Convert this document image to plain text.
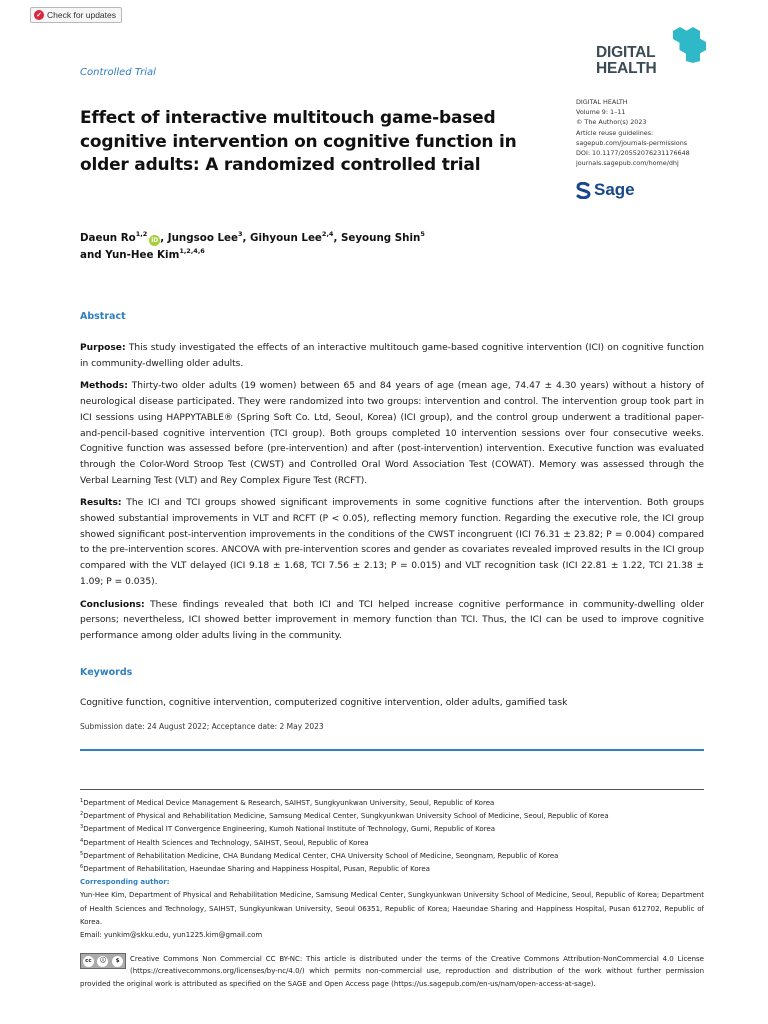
✓ Check for updates
Controlled Trial
DIGITAL
HEALTH
Effect of interactive multitouch game-based cognitive intervention on cognitive function in older adults: A randomized controlled trial
DIGITAL HEALTH
Volume 9: 1–11
© The Author(s) 2023
Article reuse guidelines:
sagepub.com/journals-permissions
DOI: 10.1177/20552076231176648
journals.sagepub.com/home/dhj
Sage
Daeun Ro$^{1,2}$iD , Jungsoo Lee$^3$, Gihyoun Lee$^{2,4}$, Seyoung Shin$^5$
and Yun-Hee Kim$^{1,2,4,6}$
Abstract

Purpose: This study investigated the effects of an interactive multitouch game-based cognitive intervention (ICI) on cognitive function in community-dwelling older adults.

Methods: Thirty-two older adults (19 women) between 65 and 84 years of age (mean age, 74.47 ± 4.30 years) without a history of neurological disease participated. They were randomized into two groups: intervention and control. The intervention group took part in ICI sessions using HAPPYTABLE® (Spring Soft Co. Ltd, Seoul, Korea) (ICI group), and the control group underwent a traditional paper-and-pencil-based cognitive intervention (TCI group). Both groups completed 10 intervention sessions over four consecutive weeks. Cognitive function was assessed before (pre-intervention) and after (post-intervention) intervention. Executive function was evaluated through the Color-Word Stroop Test (CWST) and Controlled Oral Word Association Test (COWAT). Memory was assessed through the Verbal Learning Test (VLT) and Rey Complex Figure Test (RCFT).

Results: The ICI and TCI groups showed significant improvements in some cognitive functions after the intervention. Both groups showed substantial improvements in VLT and RCFT (P < 0.05), reflecting memory function. Regarding the executive role, the ICI group showed significant post-intervention improvements in the conditions of the CWST incongruent (ICI 76.31 ± 23.82; P = 0.004) compared to the pre-intervention scores. ANCOVA with pre-intervention scores and gender as covariates revealed improved results in the ICI group compared with the VLT delayed (ICI 9.18 ± 1.68, TCI 7.56 ± 2.13; P = 0.015) and VLT recognition task (ICI 22.81 ± 1.22, TCI 21.38 ± 1.09; P = 0.035).

Conclusions: These findings revealed that both ICI and TCI helped increase cognitive performance in community-dwelling older persons; nevertheless, ICI showed better improvement in memory function than TCI. Thus, the ICI can be used to improve cognitive performance among older adults living in the community.

Keywords
Cognitive function, cognitive intervention, computerized cognitive intervention, older adults, gamified task
Submission date: 24 August 2022; Acceptance date: 2 May 2023
$^1$Department of Medical Device Management & Research, SAIHST, Sungkyunkwan University, Seoul, Republic of Korea
$^2$Department of Physical and Rehabilitation Medicine, Samsung Medical Center, Sungkyunkwan University School of Medicine, Seoul, Republic of Korea
$^3$Department of Medical IT Convergence Engineering, Kumoh National Institute of Technology, Gumi, Republic of Korea
$^4$Department of Health Sciences and Technology, SAIHST, Seoul, Republic of Korea
$^5$Department of Rehabilitation Medicine, CHA Bundang Medical Center, CHA University School of Medicine, Seongnam, Republic of Korea
$^6$Department of Rehabilitation, Haeundae Sharing and Happiness Hospital, Pusan, Republic of Korea
Corresponding author:
Yun-Hee Kim, Department of Physical and Rehabilitation Medicine, Samsung Medical Center, Sungkyunkwan University School of Medicine, Seoul, Republic of Korea; Department of Health Sciences and Technology, SAIHST, Sungkyunkwan University, Seoul 06351, Republic of Korea; Haeundae Sharing and Happiness Hospital, Pusan 612702, Republic of Korea.
Email: yunkim@skku.edu, yun1225.kim@gmail.com
cc	ⓘ	$	Creative Commons Non Commercial CC BY-NC: This article is distributed under the terms of the Creative Commons Attribution-NonCommercial 4.0 License (https://creativecommons.org/licenses/by-nc/4.0/) which permits non-commercial use, reproduction and distribution of the work without further permission provided the original work is attributed as specified on the SAGE and Open Access page (https://us.sagepub.com/en-us/nam/open-access-at-sage).
